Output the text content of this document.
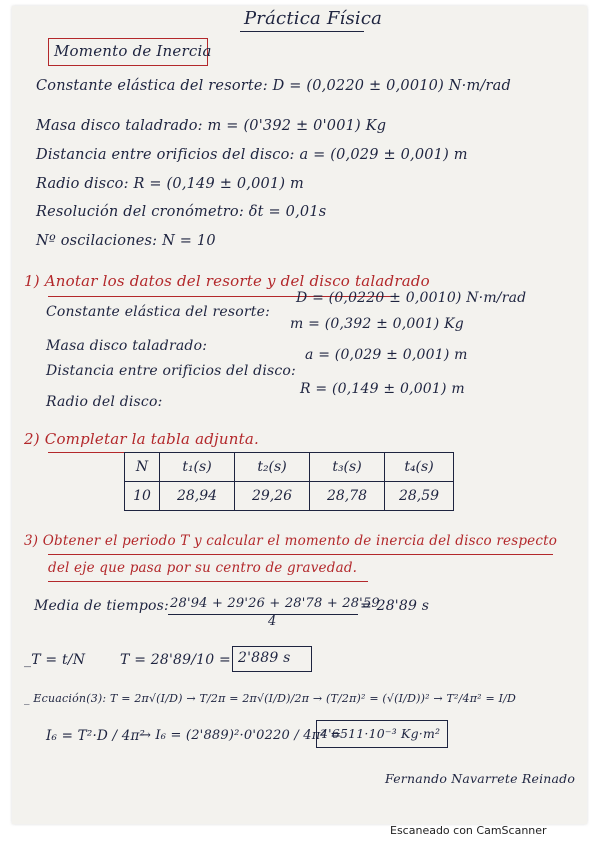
Práctica Física
Momento de Inercia
Constante elástica del resorte: D = (0,0220 ± 0,0010) N·m/rad
Masa disco taladrado: m = (0'392 ± 0'001) Kg
Distancia entre orificios del disco: a = (0,029 ± 0,001) m
Radio disco: R = (0,149 ± 0,001) m
Resolución del cronómetro: δt = 0,01s
Nº oscilaciones: N = 10
1) Anotar los datos del resorte y del disco taladrado
Constante elástica del resorte:
D = (0,0220 ± 0,0010) N·m/rad
Masa disco taladrado:
m = (0,392 ± 0,001) Kg
Distancia entre orificios del disco:
a = (0,029 ± 0,001) m
Radio del disco:
R = (0,149 ± 0,001) m
2) Completar la tabla adjunta.
N	t₁(s)	t₂(s)	t₃(s)	t₄(s)
10	28,94	29,26	28,78	28,59
3) Obtener el periodo T y calcular el momento de inercia del disco respecto
del eje que pasa por su centro de gravedad.
Media de tiempos: 28'94 + 29'26 + 28'78 + 28'59
4
= 28'89 s
_T = t/N T = 28'89/10 = 2'889 s
_ Ecuación(3): T = 2π√(I/D) → T/2π = 2π√(I/D)/2π → (T/2π)² = (√(I/D))² → T²/4π² = I/D
I₆ = T²·D / 4π²
→ I₆ = (2'889)²·0'0220 / 4π² =
4'6511·10⁻³ Kg·m²
Fernando Navarrete Reinado
Escaneado con CamScanner
